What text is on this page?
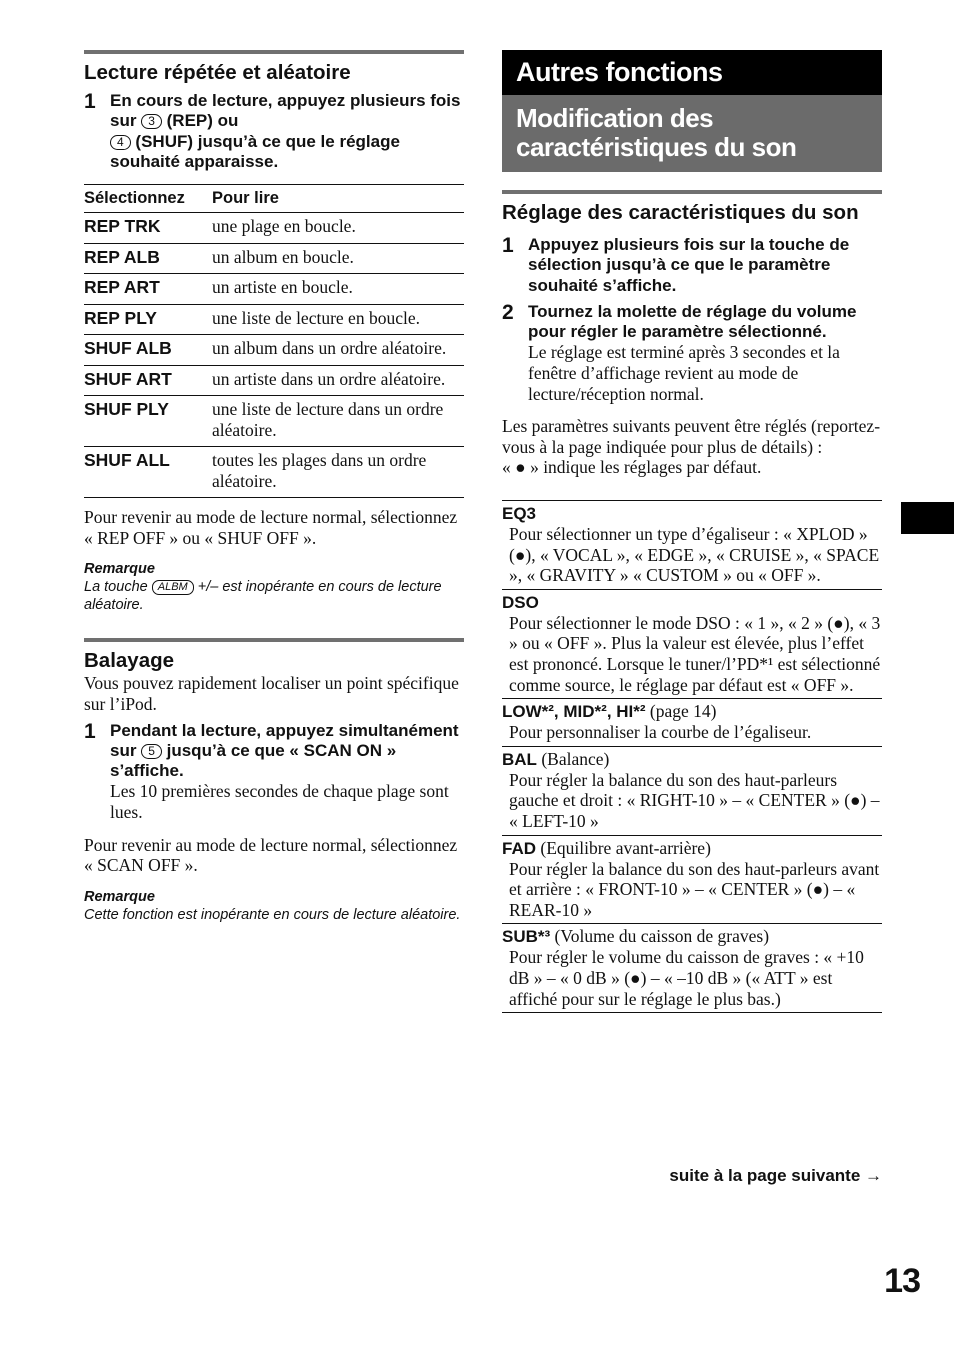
Lecture répétée et aléatoire
1 En cours de lecture, appuyez plusieurs fois sur 3 (REP) ou
4 (SHUF) jusqu’à ce que le réglage souhaité apparaisse.
Sélectionnez	Pour lire
REP TRK	une plage en boucle.
REP ALB	un album en boucle.
REP ART	un artiste en boucle.
REP PLY	une liste de lecture en boucle.
SHUF ALB	un album dans un ordre aléatoire.
SHUF ART	un artiste dans un ordre aléatoire.
SHUF PLY	une liste de lecture dans un ordre aléatoire.
SHUF ALL	toutes les plages dans un ordre aléatoire.

Pour revenir au mode de lecture normal, sélectionnez « REP OFF » ou « SHUF OFF ».

Remarque
La touche ALBM +/– est inopérante en cours de lecture aléatoire.
Balayage

Vous pouvez rapidement localiser un point spécifique sur l’iPod.

1 Pendant la lecture, appuyez simultanément sur 5 jusqu’à ce que « SCAN ON » s’affiche.
Les 10 premières secondes de chaque plage sont lues.

Pour revenir au mode de lecture normal, sélectionnez « SCAN OFF ».

Remarque
Cette fonction est inopérante en cours de lecture aléatoire.
Autres fonctions
Modification des caractéristiques du son
Réglage des caractéristiques du son
1 Appuyez plusieurs fois sur la touche de sélection jusqu’à ce que le paramètre souhaité s’affiche.
2 Tournez la molette de réglage du volume pour régler le paramètre sélectionné.
Le réglage est terminé après 3 secondes et la fenêtre d’affichage revient au mode de lecture/réception normal.

Les paramètres suivants peuvent être réglés (reportez-vous à la page indiquée pour plus de détails) :

« ● » indique les réglages par défaut.

EQ3
Pour sélectionner un type d’égaliseur : « XPLOD » (●), « VOCAL », « EDGE », « CRUISE », « SPACE », « GRAVITY » « CUSTOM » ou « OFF ».
DSO
Pour sélectionner le mode DSO : « 1 », « 2 » (●), « 3 » ou « OFF ». Plus la valeur est élevée, plus l’effet est prononcé. Lorsque le tuner/l’PD*¹ est sélectionné comme source, le réglage par défaut est « OFF ».
LOW*², MID*², HI*² (page 14)
Pour personnaliser la courbe de l’égaliseur.
BAL (Balance)
Pour régler la balance du son des haut-parleurs gauche et droit : « RIGHT-10 » – « CENTER » (●) – « LEFT-10 »
FAD (Equilibre avant-arrière)
Pour régler la balance du son des haut-parleurs avant et arrière : « FRONT-10 » – « CENTER » (●) – « REAR-10 »
SUB*³ (Volume du caisson de graves)
Pour régler le volume du caisson de graves : « +10 dB » – « 0 dB » (●) – « –10 dB » (« ATT » est affiché pour sur le réglage le plus bas.)
suite à la page suivante →
13
